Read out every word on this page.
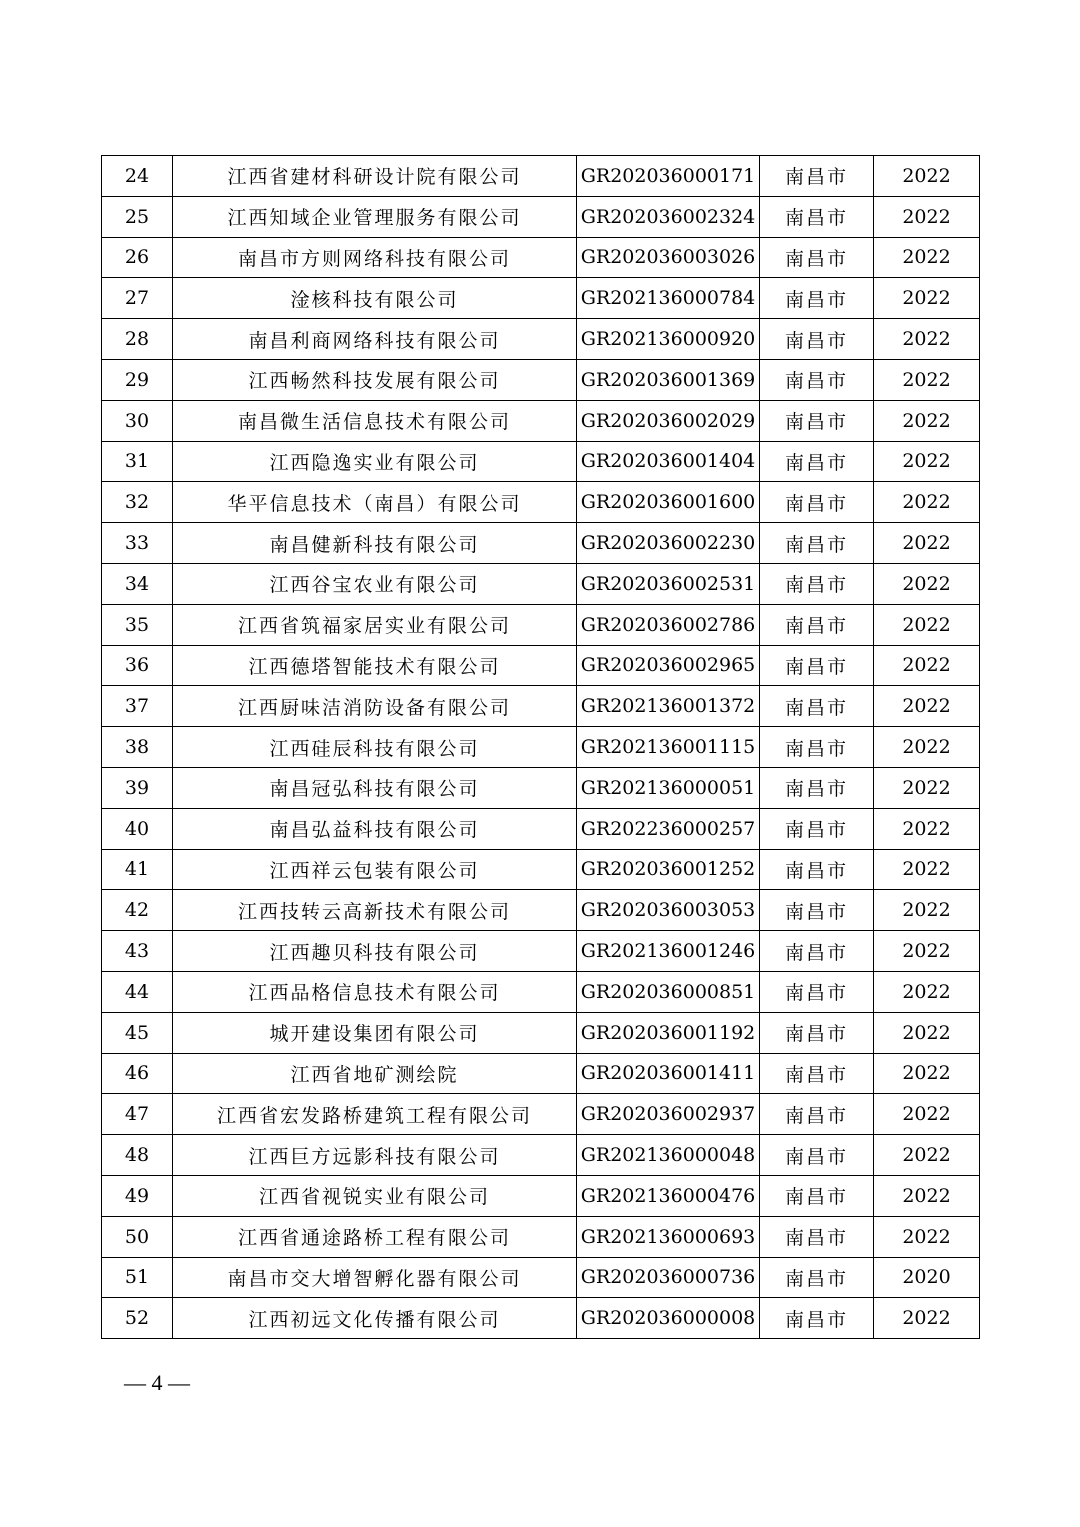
24	江西省建材科研设计院有限公司	GR202036000171	南昌市	2022
25	江西知域企业管理服务有限公司	GR202036002324	南昌市	2022
26	南昌市方则网络科技有限公司	GR202036003026	南昌市	2022
27	淦核科技有限公司	GR202136000784	南昌市	2022
28	南昌利商网络科技有限公司	GR202136000920	南昌市	2022
29	江西畅然科技发展有限公司	GR202036001369	南昌市	2022
30	南昌微生活信息技术有限公司	GR202036002029	南昌市	2022
31	江西隐逸实业有限公司	GR202036001404	南昌市	2022
32	华平信息技术（南昌）有限公司	GR202036001600	南昌市	2022
33	南昌健新科技有限公司	GR202036002230	南昌市	2022
34	江西谷宝农业有限公司	GR202036002531	南昌市	2022
35	江西省筑福家居实业有限公司	GR202036002786	南昌市	2022
36	江西德塔智能技术有限公司	GR202036002965	南昌市	2022
37	江西厨味洁消防设备有限公司	GR202136001372	南昌市	2022
38	江西硅辰科技有限公司	GR202136001115	南昌市	2022
39	南昌冠弘科技有限公司	GR202136000051	南昌市	2022
40	南昌弘益科技有限公司	GR202236000257	南昌市	2022
41	江西祥云包装有限公司	GR202036001252	南昌市	2022
42	江西技转云高新技术有限公司	GR202036003053	南昌市	2022
43	江西趣贝科技有限公司	GR202136001246	南昌市	2022
44	江西品格信息技术有限公司	GR202036000851	南昌市	2022
45	城开建设集团有限公司	GR202036001192	南昌市	2022
46	江西省地矿测绘院	GR202036001411	南昌市	2022
47	江西省宏发路桥建筑工程有限公司	GR202036002937	南昌市	2022
48	江西巨方远影科技有限公司	GR202136000048	南昌市	2022
49	江西省视锐实业有限公司	GR202136000476	南昌市	2022
50	江西省通途路桥工程有限公司	GR202136000693	南昌市	2022
51	南昌市交大增智孵化器有限公司	GR202036000736	南昌市	2020
52	江西初远文化传播有限公司	GR202036000008	南昌市	2022
— 4 —
